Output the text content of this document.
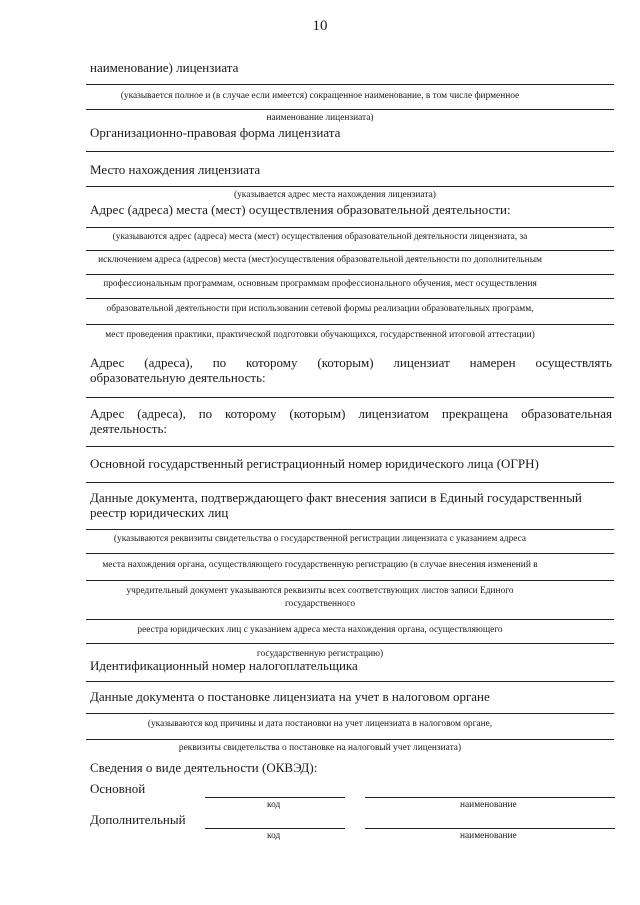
10
наименование) лицензиата
(указывается полное и (в случае если имеется) сокращенное наименование, в том числе фирменное
наименование лицензиата)
Организационно-правовая форма лицензиата
Место нахождения лицензиата
(указывается адрес места нахождения лицензиата)
Адрес (адреса) места (мест) осуществления образовательной деятельности:
(указываются адрес (адреса) места (мест) осуществления образовательной деятельности лицензиата, за
исключением адреса (адресов) места (мест)осуществления образовательной деятельности по дополнительным
профессиональным программам, основным программам профессионального обучения, мест осуществления
образовательной деятельности при использовании сетевой формы реализации образовательных программ,
мест проведения практики, практической подготовки обучающихся, государственной итоговой аттестации)
Адрес (адреса), по которому (которым) лицензиат намерен осуществлять
образовательную деятельность:
Адрес (адреса), по которому (которым) лицензиатом прекращена образовательная
деятельность:
Основной государственный регистрационный номер юридического лица (ОГРН)
Данные документа, подтверждающего факт внесения записи в Единый государственный
реестр юридических лиц
(указываются реквизиты свидетельства о государственной регистрации лицензиата с указанием адреса
места нахождения органа, осуществляющего государственную регистрацию (в случае внесения изменений в
учредительный документ указываются реквизиты всех соответствующих листов записи Единого
государственного
реестра юридических лиц с указанием адреса места нахождения органа, осуществляющего
государственную регистрацию)
Идентификационный номер налогоплательщика
Данные документа о постановке лицензиата на учет в налоговом органе
(указываются код причины и дата постановки на учет лицензиата в налоговом органе,
реквизиты свидетельства о постановке на налоговый учет лицензиата)
Сведения о виде деятельности (ОКВЭД):
Основной
код	наименование
Дополнительный
код	наименование
